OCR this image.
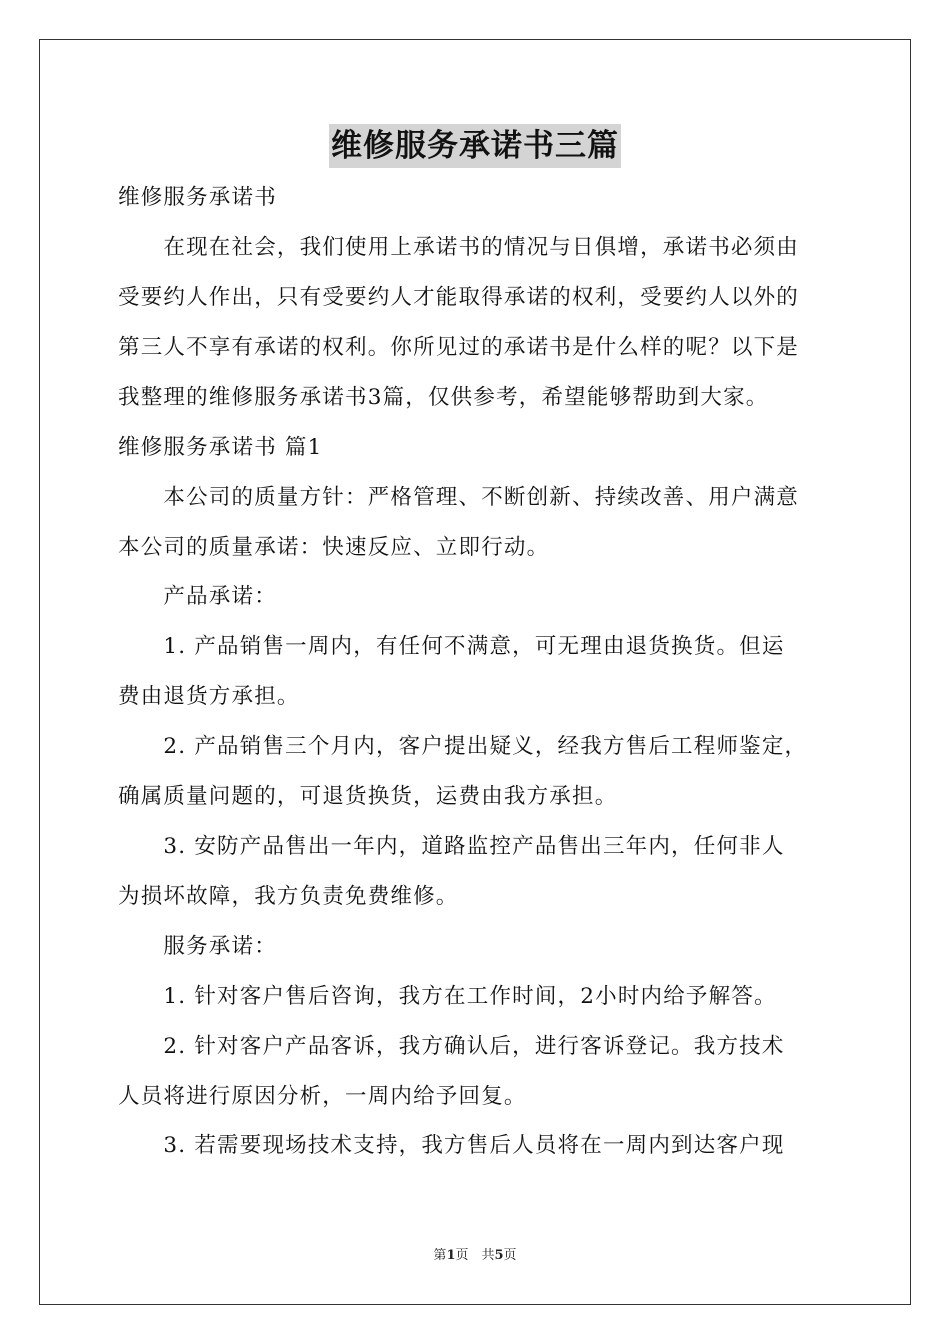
维修服务承诺书三篇
维修服务承诺书
　　在现在社会，我们使用上承诺书的情况与日俱增，承诺书必须由
受要约人作出，只有受要约人才能取得承诺的权利，受要约人以外的
第三人不享有承诺的权利。你所见过的承诺书是什么样的呢？以下是
我整理的维修服务承诺书3篇，仅供参考，希望能够帮助到大家。
维修服务承诺书 篇1
　　本公司的质量方针：严格管理、不断创新、持续改善、用户满意
本公司的质量承诺：快速反应、立即行动。
　　产品承诺：
　　1. 产品销售一周内，有任何不满意，可无理由退货换货。但运
费由退货方承担。
　　2. 产品销售三个月内，客户提出疑义，经我方售后工程师鉴定，
确属质量问题的，可退货换货，运费由我方承担。
　　3. 安防产品售出一年内，道路监控产品售出三年内，任何非人
为损坏故障，我方负责免费维修。
　　服务承诺：
　　1. 针对客户售后咨询，我方在工作时间，2小时内给予解答。
　　2. 针对客户产品客诉，我方确认后，进行客诉登记。我方技术
人员将进行原因分析，一周内给予回复。
　　3. 若需要现场技术支持，我方售后人员将在一周内到达客户现
第1页　共5页
